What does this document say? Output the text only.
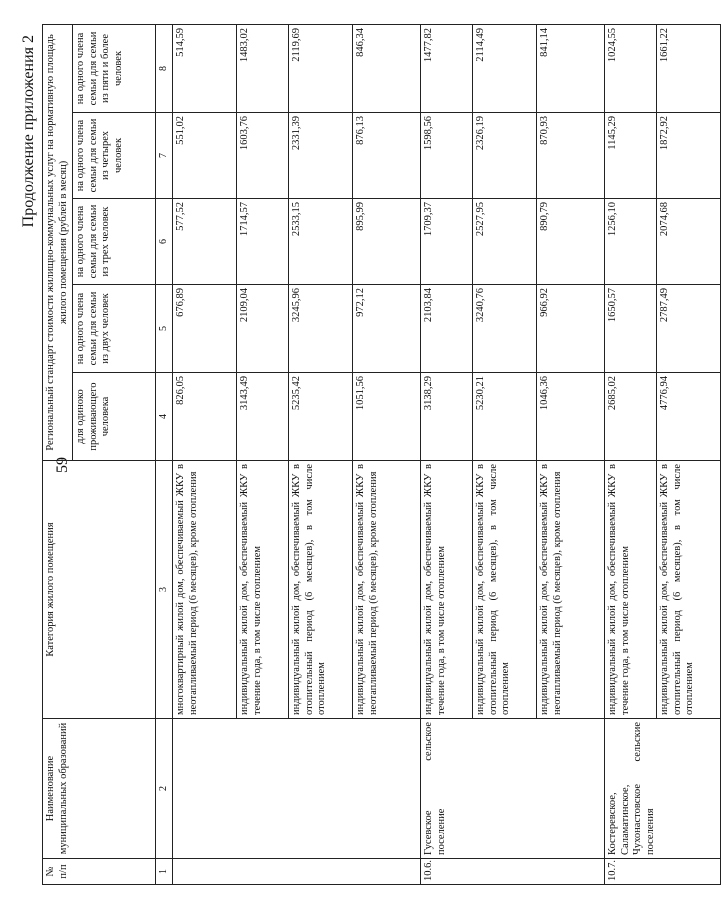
59
Продолжение приложения 2
№ п/п	Наименование муниципальных образований	Категория жилого помещения	Региональный стандарт стоимости жилищно-коммунальных услуг на нормативную площадь жилого помещения (рублей в месяц)				
			для одиноко проживающего человека	на одного члена семьи для семьи из двух человек	на одного члена семьи для семьи из трех человек	на одного члена семьи для семьи из четырех человек	на одного члена семьи для семьи из пяти и более человек
1	2	3	4	5	6	7	8
		многоквартирный жилой дом, обеспечиваемый ЖКУ в неотапливаемый период (6 месяцев), кроме отопления	826,05	676,89	577,52	551,02	514,59
		индивидуальный жилой дом, обеспечиваемый ЖКУ в течение года, в том числе отоплением	3143,49	2109,04	1714,57	1603,76	1483,02
		индивидуальный жилой дом, обеспечиваемый ЖКУ в отопительный период (6 месяцев), в том числе отоплением	5235,42	3245,96	2533,15	2331,39	2119,69
		индивидуальный жилой дом, обеспечиваемый ЖКУ в неотапливаемый период (6 месяцев), кроме отопления	1051,56	972,12	895,99	876,13	846,34
10.6.	Гусевское сельское поселение	индивидуальный жилой дом, обеспечиваемый ЖКУ в течение года, в том числе отоплением	3138,29	2103,84	1709,37	1598,56	1477,82
		индивидуальный жилой дом, обеспечиваемый ЖКУ в отопительный период (6 месяцев), в том числе отоплением	5230,21	3240,76	2527,95	2326,19	2114,49
		индивидуальный жилой дом, обеспечиваемый ЖКУ в неотапливаемый период (6 месяцев), кроме отопления	1046,36	966,92	890,79	870,93	841,14
10.7.	Костеревское, Саламатинское, Чухонастовское сельские поселения	индивидуальный жилой дом, обеспечиваемый ЖКУ в течение года, в том числе отоплением	2685,02	1650,57	1256,10	1145,29	1024,55
		индивидуальный жилой дом, обеспечиваемый ЖКУ в отопительный период (6 месяцев), в том числе отоплением	4776,94	2787,49	2074,68	1872,92	1661,22
